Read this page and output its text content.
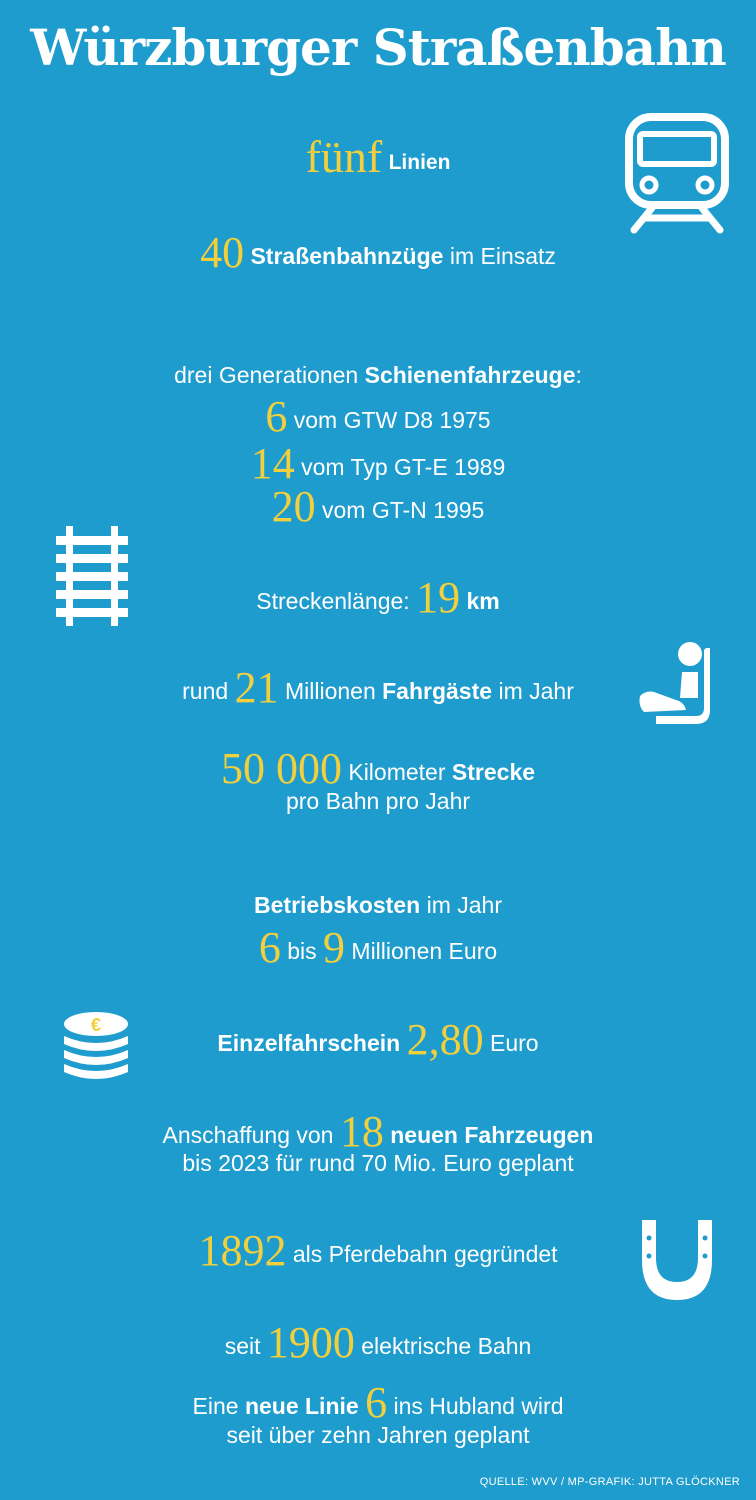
Würzburger Straßenbahn
fünf Linien
40 Straßenbahnzüge im Einsatz
drei Generationen Schienenfahrzeuge:
6 vom GTW D8 1975
14 vom Typ GT-E 1989
20 vom GT-N 1995
Streckenlänge: 19 km
rund 21 Millionen Fahrgäste im Jahr
50 000 Kilometer Strecke
pro Bahn pro Jahr
Betriebskosten im Jahr
6 bis 9 Millionen Euro
Einzelfahrschein 2,80 Euro
Anschaffung von 18 neuen Fahrzeugen
bis 2023 für rund 70 Mio. Euro geplant
1892 als Pferdebahn gegründet
seit 1900 elektrische Bahn
Eine neue Linie 6 ins Hubland wird
seit über zehn Jahren geplant
€
QUELLE: WVV / MP-GRAFIK: JUTTA GLÖCKNER
